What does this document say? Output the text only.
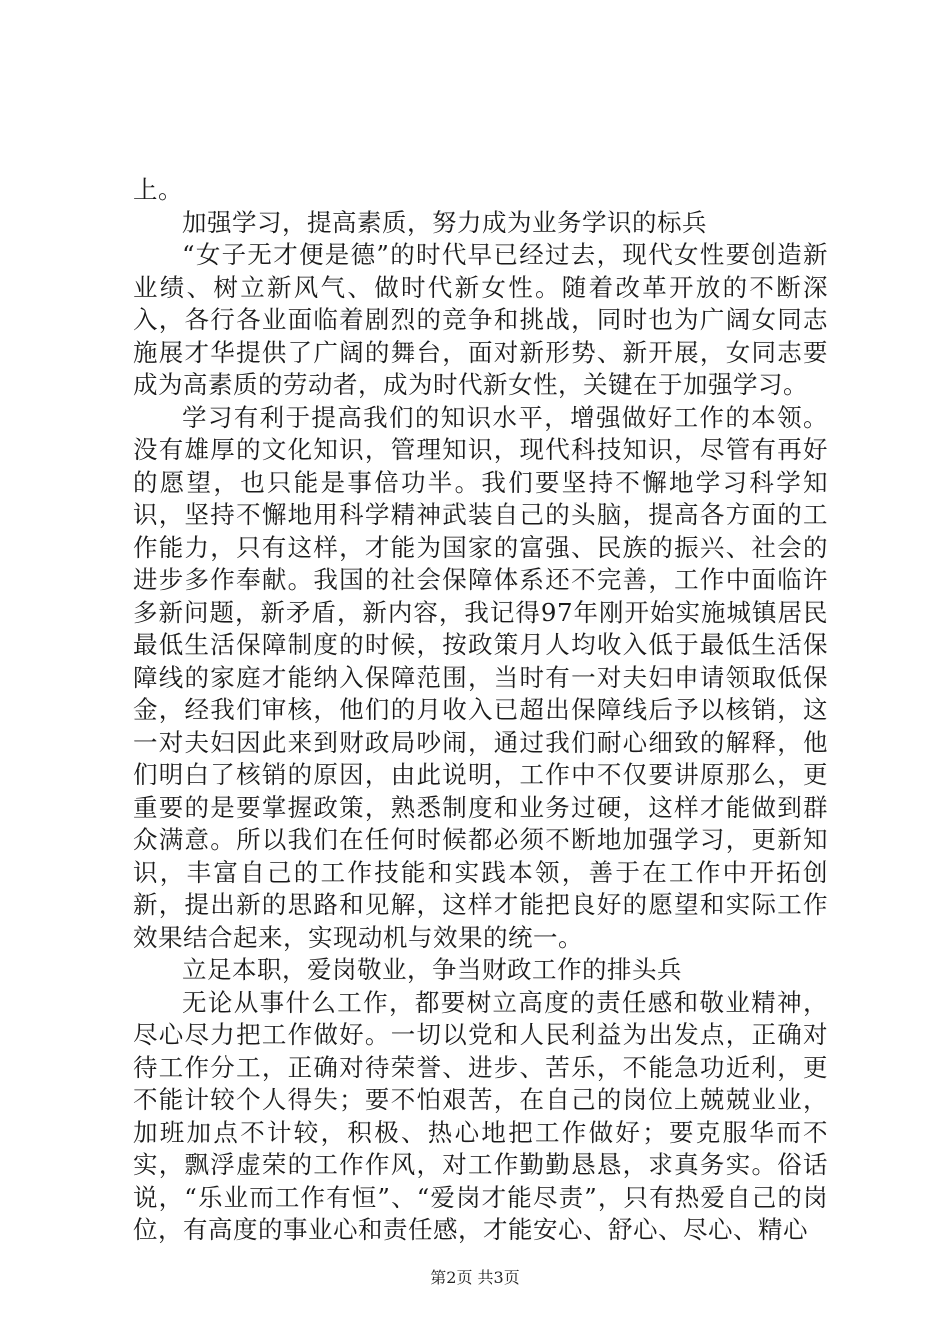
上。

加强学习，提高素质，努力成为业务学识的标兵

“女子无才便是德”的时代早已经过去，现代女性要创造新业绩、树立新风气、做时代新女性。随着改革开放的不断深入，各行各业面临着剧烈的竞争和挑战，同时也为广阔女同志施展才华提供了广阔的舞台，面对新形势、新开展，女同志要成为高素质的劳动者，成为时代新女性，关键在于加强学习。

学习有利于提高我们的知识水平，增强做好工作的本领。没有雄厚的文化知识，管理知识，现代科技知识，尽管有再好的愿望，也只能是事倍功半。我们要坚持不懈地学习科学知识，坚持不懈地用科学精神武装自己的头脑，提高各方面的工作能力，只有这样，才能为国家的富强、民族的振兴、社会的进步多作奉献。我国的社会保障体系还不完善，工作中面临许多新问题，新矛盾，新内容，我记得97年刚开始实施城镇居民最低生活保障制度的时候，按政策月人均收入低于最低生活保障线的家庭才能纳入保障范围，当时有一对夫妇申请领取低保金，经我们审核，他们的月收入已超出保障线后予以核销，这一对夫妇因此来到财政局吵闹，通过我们耐心细致的解释，他们明白了核销的原因，由此说明，工作中不仅要讲原那么，更重要的是要掌握政策，熟悉制度和业务过硬，这样才能做到群众满意。所以我们在任何时候都必须不断地加强学习，更新知识，丰富自己的工作技能和实践本领，善于在工作中开拓创新，提出新的思路和见解，这样才能把良好的愿望和实际工作效果结合起来，实现动机与效果的统一。

立足本职，爱岗敬业，争当财政工作的排头兵

无论从事什么工作，都要树立高度的责任感和敬业精神，尽心尽力把工作做好。一切以党和人民利益为出发点，正确对待工作分工，正确对待荣誉、进步、苦乐，不能急功近利，更不能计较个人得失；要不怕艰苦，在自己的岗位上兢兢业业，加班加点不计较，积极、热心地把工作做好；要克服华而不实，飘浮虚荣的工作作风，对工作勤勤恳恳，求真务实。俗话说，“乐业而工作有恒”、“爱岗才能尽责”，只有热爱自己的岗位，有高度的事业心和责任感，才能安心、舒心、尽心、精心

第2页 共3页
